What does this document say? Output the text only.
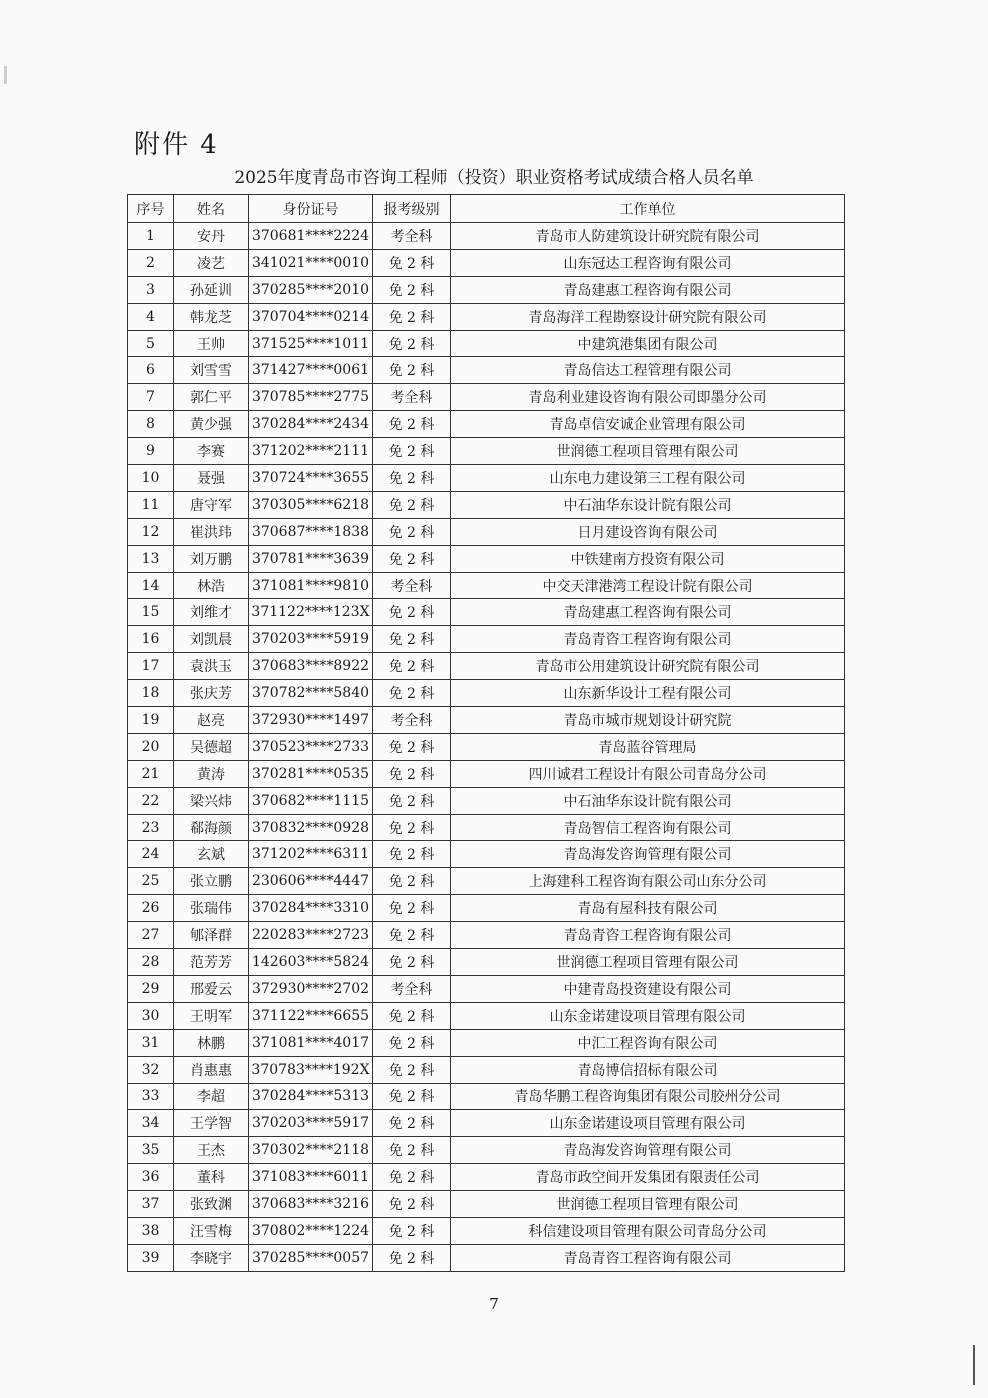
附件 4
2025年度青岛市咨询工程师（投资）职业资格考试成绩合格人员名单
序号	姓名	身份证号	报考级别	工作单位
1	安丹	370681****2224	考全科	青岛市人防建筑设计研究院有限公司
2	凌艺	341021****0010	免 2 科	山东冠达工程咨询有限公司
3	孙延训	370285****2010	免 2 科	青岛建惠工程咨询有限公司
4	韩龙芝	370704****0214	免 2 科	青岛海洋工程勘察设计研究院有限公司
5	王帅	371525****1011	免 2 科	中建筑港集团有限公司
6	刘雪雪	371427****0061	免 2 科	青岛信达工程管理有限公司
7	郭仁平	370785****2775	考全科	青岛利业建设咨询有限公司即墨分公司
8	黄少强	370284****2434	免 2 科	青岛卓信安诚企业管理有限公司
9	李赛	371202****2111	免 2 科	世润德工程项目管理有限公司
10	聂强	370724****3655	免 2 科	山东电力建设第三工程有限公司
11	唐守军	370305****6218	免 2 科	中石油华东设计院有限公司
12	崔洪玮	370687****1838	免 2 科	日月建设咨询有限公司
13	刘万鹏	370781****3639	免 2 科	中铁建南方投资有限公司
14	林浩	371081****9810	考全科	中交天津港湾工程设计院有限公司
15	刘维才	371122****123X	免 2 科	青岛建惠工程咨询有限公司
16	刘凯晨	370203****5919	免 2 科	青岛青咨工程咨询有限公司
17	袁洪玉	370683****8922	免 2 科	青岛市公用建筑设计研究院有限公司
18	张庆芳	370782****5840	免 2 科	山东新华设计工程有限公司
19	赵亮	372930****1497	考全科	青岛市城市规划设计研究院
20	吴德超	370523****2733	免 2 科	青岛蓝谷管理局
21	黄涛	370281****0535	免 2 科	四川诚君工程设计有限公司青岛分公司
22	梁兴炜	370682****1115	免 2 科	中石油华东设计院有限公司
23	郗海颜	370832****0928	免 2 科	青岛智信工程咨询有限公司
24	玄斌	371202****6311	免 2 科	青岛海发咨询管理有限公司
25	张立鹏	230606****4447	免 2 科	上海建科工程咨询有限公司山东分公司
26	张瑞伟	370284****3310	免 2 科	青岛有屋科技有限公司
27	郇泽群	220283****2723	免 2 科	青岛青咨工程咨询有限公司
28	范芳芳	142603****5824	免 2 科	世润德工程项目管理有限公司
29	邢爱云	372930****2702	考全科	中建青岛投资建设有限公司
30	王明军	371122****6655	免 2 科	山东金诺建设项目管理有限公司
31	林鹏	371081****4017	免 2 科	中汇工程咨询有限公司
32	肖惠惠	370783****192X	免 2 科	青岛博信招标有限公司
33	李超	370284****5313	免 2 科	青岛华鹏工程咨询集团有限公司胶州分公司
34	王学智	370203****5917	免 2 科	山东金诺建设项目管理有限公司
35	王杰	370302****2118	免 2 科	青岛海发咨询管理有限公司
36	董科	371083****6011	免 2 科	青岛市政空间开发集团有限责任公司
37	张致渊	370683****3216	免 2 科	世润德工程项目管理有限公司
38	汪雪梅	370802****1224	免 2 科	科信建设项目管理有限公司青岛分公司
39	李晓宇	370285****0057	免 2 科	青岛青咨工程咨询有限公司
7
